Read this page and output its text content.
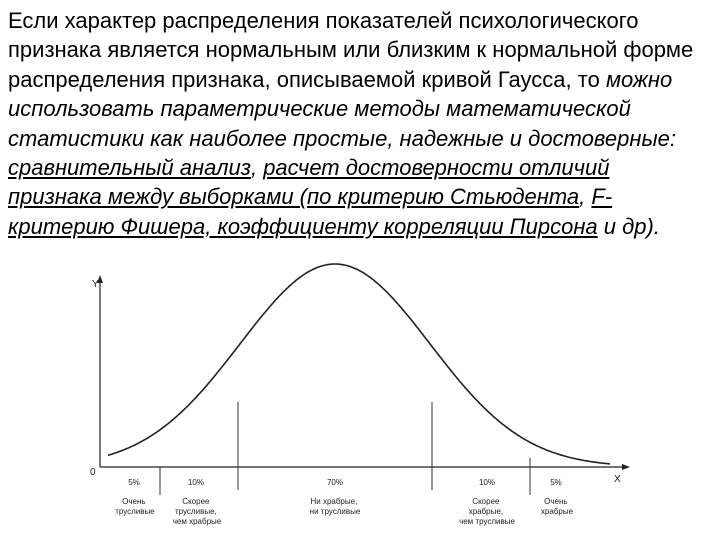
Y
X
0
5%	10%	70%	10%	5%
Очень трусливые
Скорее трусливые, чем храбрые
Ни храбрые, ни трусливые
Скорее храбрые, чем трусливые
Очень храбрые
Если характер распределения показателей психологического признака является нормальным или близким к нормальной форме распределения признака, описываемой кривой Гаусса, то можно использовать параметрические методы математической статистики как наиболее простые, надежные и достоверные: сравнительный анализ, расчет достоверности отличий признака между выборками (по критерию Стьюдента, F-критерию Фишера, коэффициенту корреляции Пирсона и др).
